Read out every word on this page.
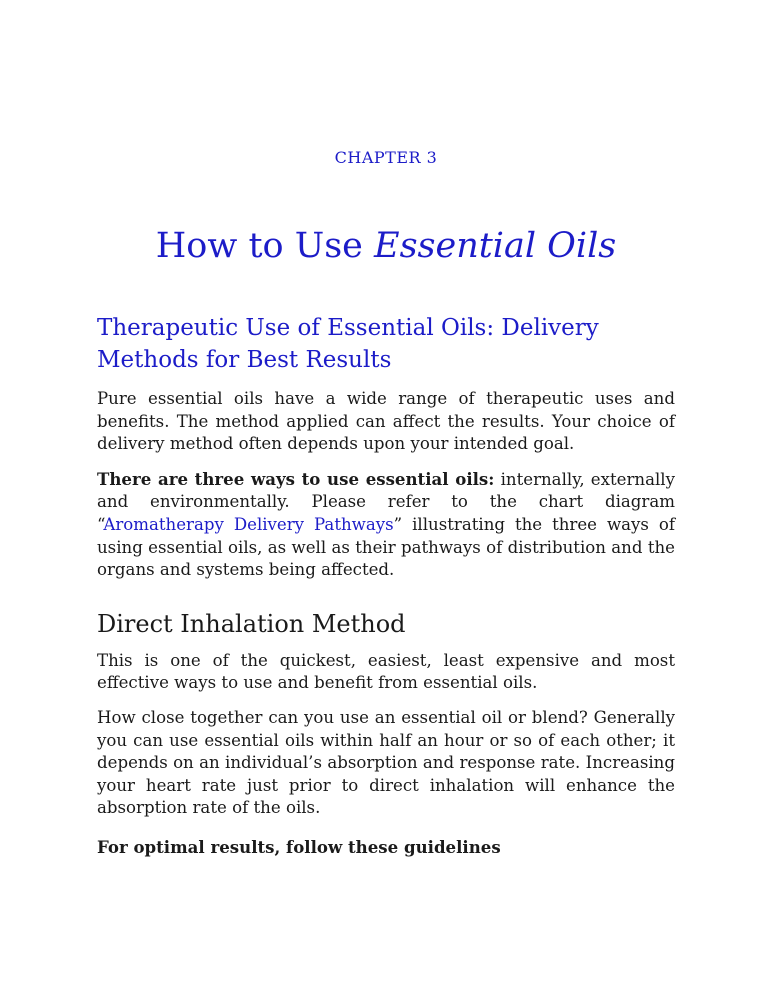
CHAPTER 3
How to Use Essential Oils
Therapeutic Use of Essential Oils: Delivery Methods for Best Results

Pure essential oils have a wide range of therapeutic uses and benefits. The method applied can affect the results. Your choice of delivery method often depends upon your intended goal.

There are three ways to use essential oils: internally, externally and environmentally. Please refer to the chart diagram “Aromatherapy Delivery Pathways” illustrating the three ways of using essential oils, as well as their pathways of distribution and the organs and systems being affected.

Direct Inhalation Method

This is one of the quickest, easiest, least expensive and most effective ways to use and benefit from essential oils.

How close together can you use an essential oil or blend? Generally you can use essential oils within half an hour or so of each other; it depends on an individual’s absorption and response rate. Increasing your heart rate just prior to direct inhalation will enhance the absorption rate of the oils.

For optimal results, follow these guidelines
